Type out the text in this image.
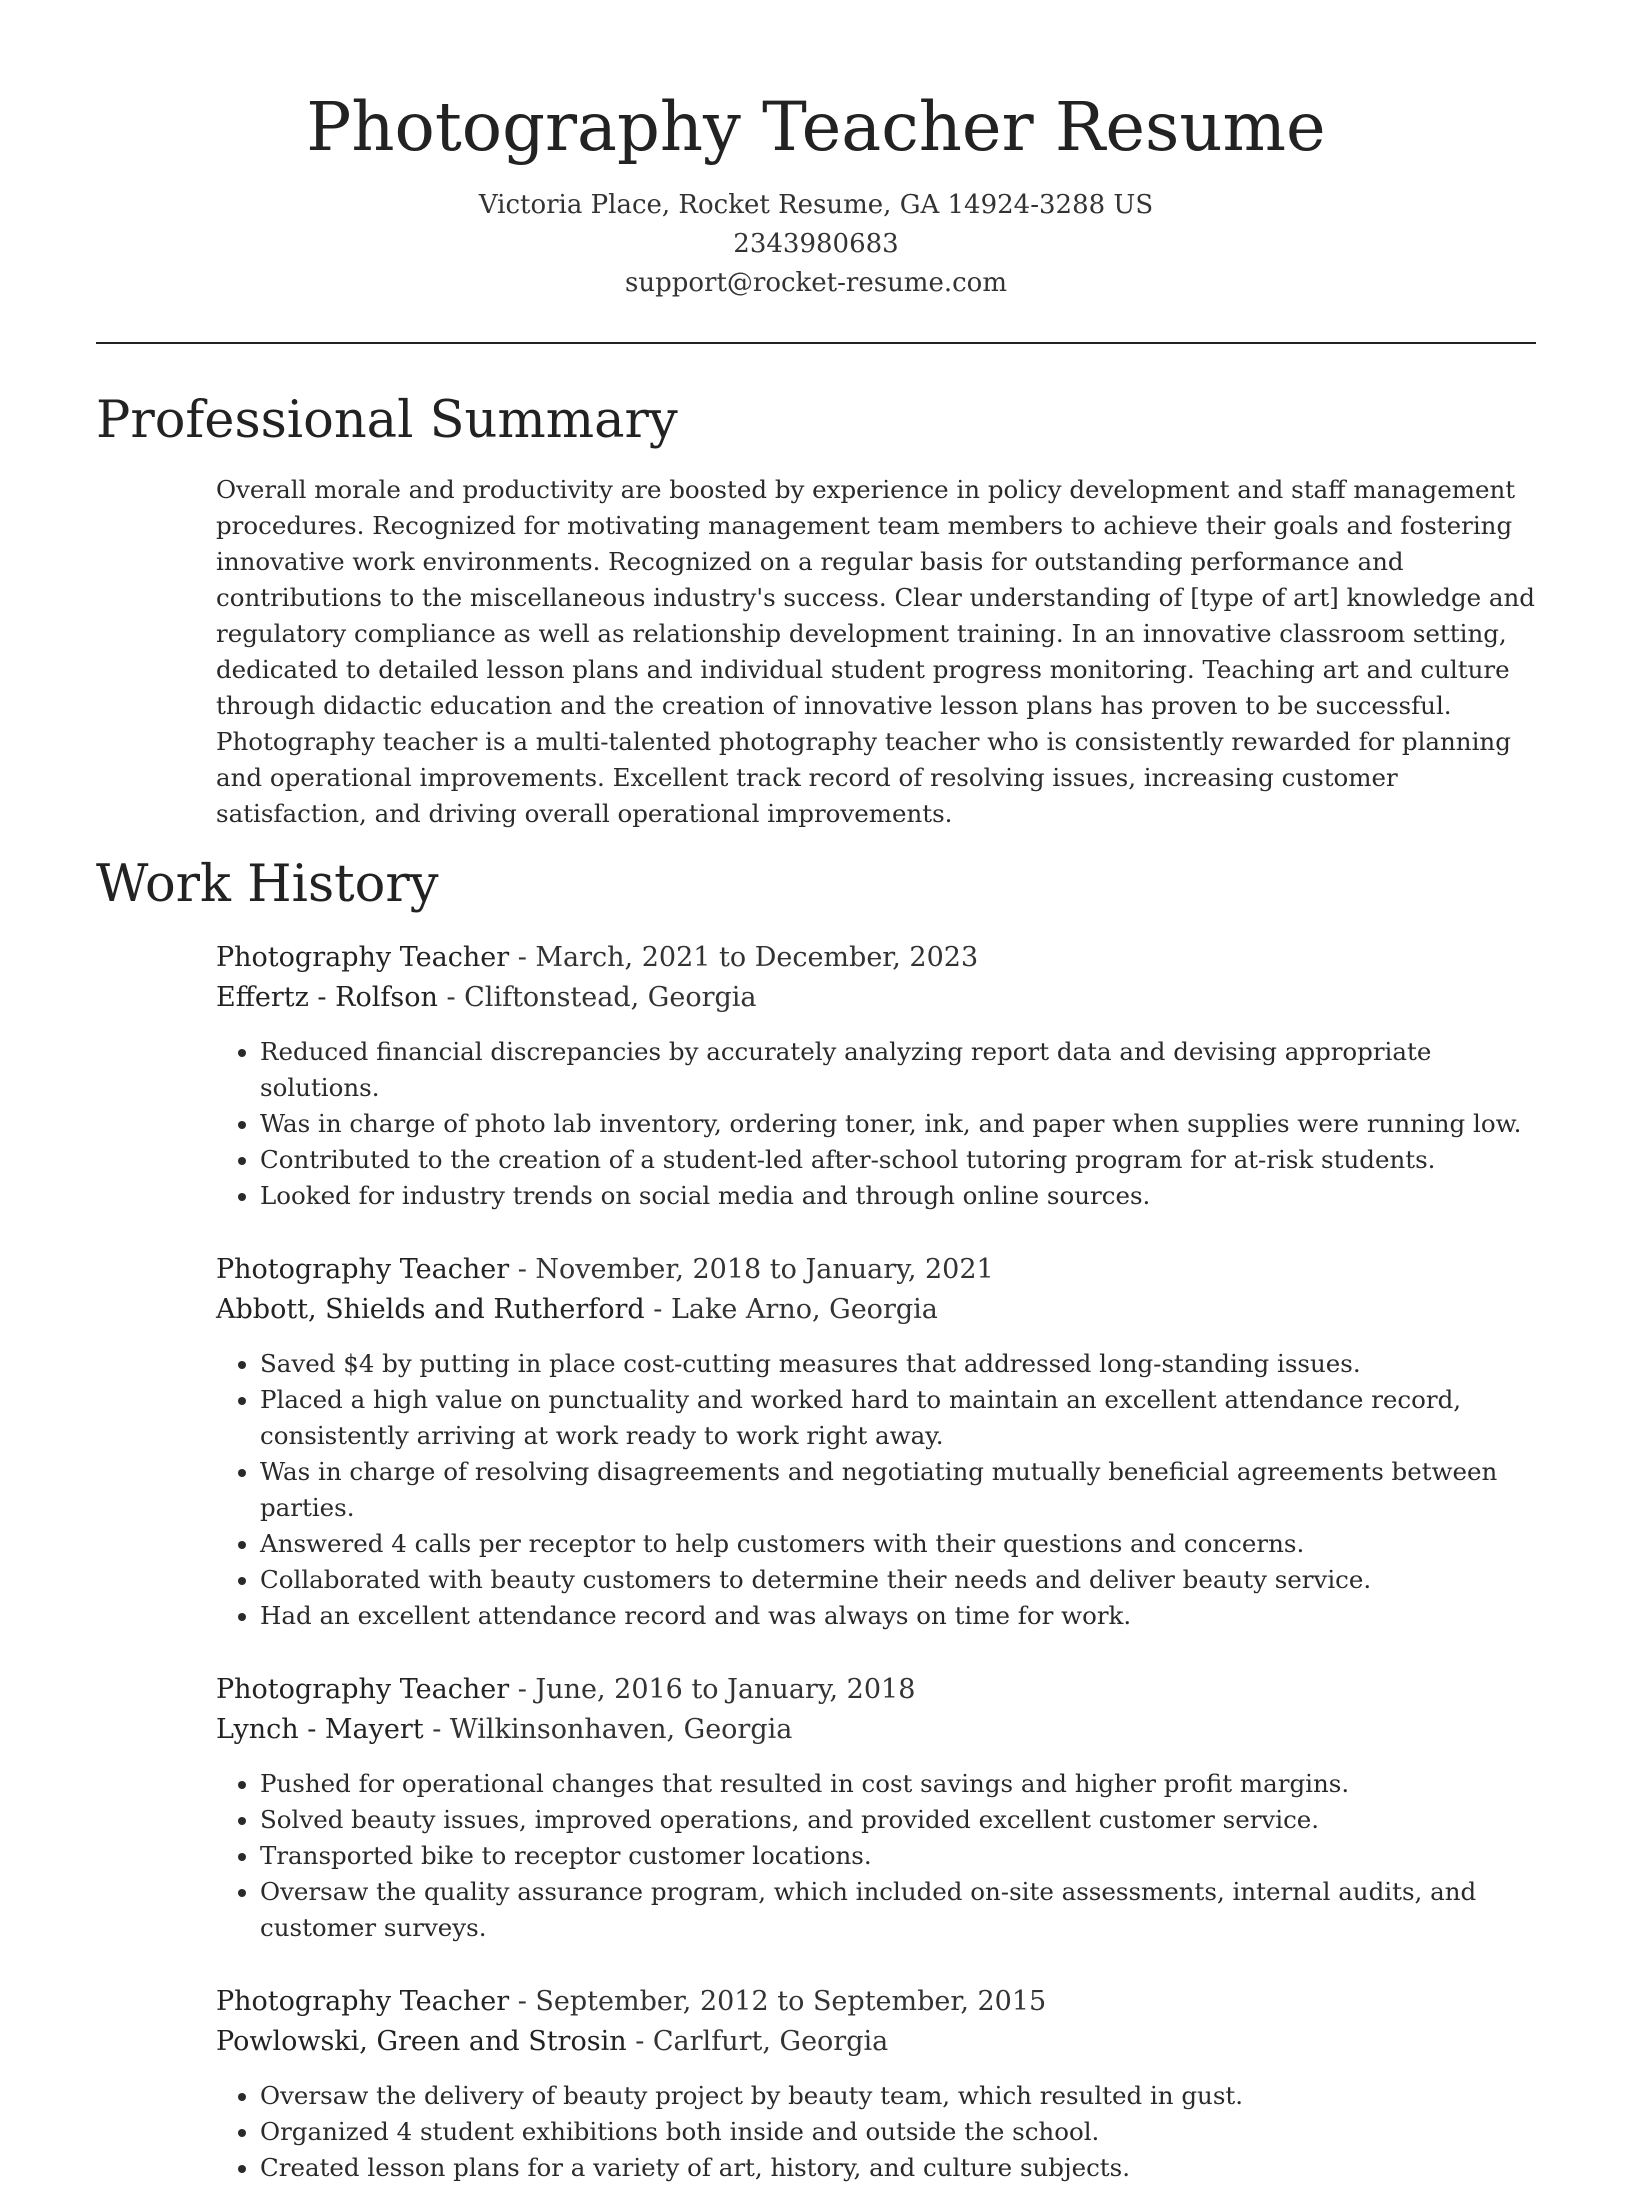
Photography Teacher Resume
Victoria Place, Rocket Resume, GA 14924-3288 US
2343980683
support@rocket-resume.com
Professional Summary

Overall morale and productivity are boosted by experience in policy development and staff management procedures. Recognized for motivating management team members to achieve their goals and fostering innovative work environments. Recognized on a regular basis for outstanding performance and contributions to the miscellaneous industry's success. Clear understanding of [type of art] knowledge and regulatory compliance as well as relationship development training. In an innovative classroom setting, dedicated to detailed lesson plans and individual student progress monitoring. Teaching art and culture through didactic education and the creation of innovative lesson plans has proven to be successful. Photography teacher is a multi-talented photography teacher who is consistently rewarded for planning and operational improvements. Excellent track record of resolving issues, increasing customer satisfaction, and driving overall operational improvements.

Work History
Photography Teacher - March, 2021 to December, 2023
Effertz - Rolfson - Cliftonstead, Georgia
• Reduced financial discrepancies by accurately analyzing report data and devising appropriate solutions.
• Was in charge of photo lab inventory, ordering toner, ink, and paper when supplies were running low.
• Contributed to the creation of a student-led after-school tutoring program for at-risk students.
• Looked for industry trends on social media and through online sources.
Photography Teacher - November, 2018 to January, 2021
Abbott, Shields and Rutherford - Lake Arno, Georgia
• Saved $4 by putting in place cost-cutting measures that addressed long-standing issues.
• Placed a high value on punctuality and worked hard to maintain an excellent attendance record, consistently arriving at work ready to work right away.
• Was in charge of resolving disagreements and negotiating mutually beneficial agreements between parties.
• Answered 4 calls per receptor to help customers with their questions and concerns.
• Collaborated with beauty customers to determine their needs and deliver beauty service.
• Had an excellent attendance record and was always on time for work.
Photography Teacher - June, 2016 to January, 2018
Lynch - Mayert - Wilkinsonhaven, Georgia
• Pushed for operational changes that resulted in cost savings and higher profit margins.
• Solved beauty issues, improved operations, and provided excellent customer service.
• Transported bike to receptor customer locations.
• Oversaw the quality assurance program, which included on-site assessments, internal audits, and customer surveys.
Photography Teacher - September, 2012 to September, 2015
Powlowski, Green and Strosin - Carlfurt, Georgia
• Oversaw the delivery of beauty project by beauty team, which resulted in gust.
• Organized 4 student exhibitions both inside and outside the school.
• Created lesson plans for a variety of art, history, and culture subjects.
